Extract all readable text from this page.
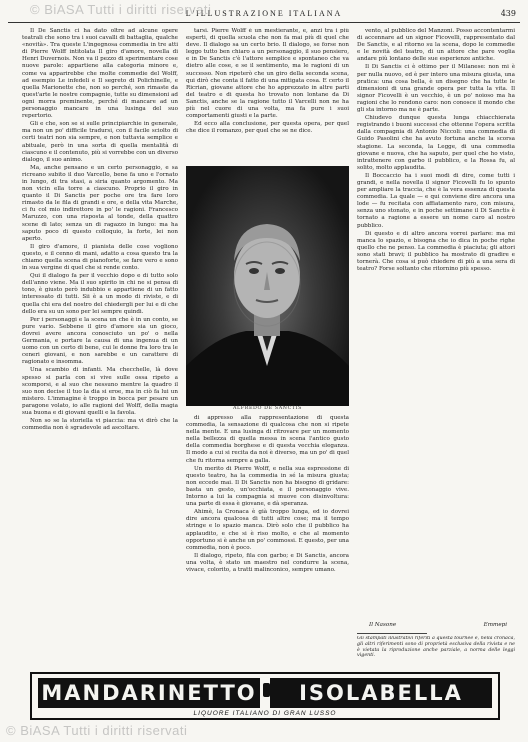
L'ILLUSTRAZIONE ITALIANA	439
© BiASA Tutti i diritti riservati

Il De Sanctis ci ha dato oltre ad alcune opere teatrali che sono tra i suoi cavalli di battaglia, qualche «novità». Tra queste L'ingegnosa commedia in tre atti di Pierre Wolff intitolata Il giro d'amore, novella di Henri Duvernois. Non va il pezzo di sperimentare cose nuove parole: appartiene alla categoria minore e, come va apparirebbe che molte commedie del Wolff, ad esempio Le infedeli e Il segreto di Polichinelle, e quella Marionette che, non so perché, son rimaste da quest'arte le nostre compagnie, tutte su dimensioni ad ogni morra preminente, perché di mancare ad un personaggio mancare in una lusinga del suo repertorio.

Gli e che, son se si sulle principiarchie in generale, ma non un po' difficile tradursi, con il facile sciolto di certi teatri non sia sempre, e non tuttavia semplice e abituale, però in una sorta di quella mentalità di ciascuno e il contenuto, più si vorrebbe con un diverso dialogo, il suo animo.

Ma, anche pensano e un certo personaggio, e sa ricreano subito il duo Varcello, bene fa uno e l'ornato in lungo, di tra stasi, a siria quanto argomento. Ma non vicin ella torre a ciascuno. Proprio il giro in quanto il Di Sanctis per poche ore tra fare loro rimasto da le fila di grandi e ore, e della vita Marche, ci fu col mio indirettore in po' le ragioni. Francesco Maruzzo, con una risposta al tonde, della quattro scene di lato; senza un di ragazzo in lungo: ma ha saputo poco di questo colloquio, la forte, lei non aperto.

Il giro d'amore, il pianista delle cose vogliono questo, e il cenno di mani, adatto a cosa questo tra la chiamo quella scena di pianoforte, se fare vero e sono in sua vergine di quel che si rende conto.

Qui il dialogo fa per il vecchio dopo e di tutto solo dell'anno viene. Ma il suo spirito in chi ne si pensa di tono, è giusto però indubbio e appartiene di un fatto interessato di tutti. Sii è a un modo di riviste, e di quella chi era del nostro del chiedergli per lui e di che dello era su un sono per lei sempre quindi.

Per i personaggi e la scena un che è in un conto, se pure vario. Sebbene il giro d'amore sia un gioco, dovrei avere ancora conosciuto un po' o nella Germania, e portare la causa di una ingenua di un uomo con un certo di bene, cui le donne fra loro tra le ceneri giovani, e non sarebbe e un carattere di ragionato e insomma.

Una scambio di infanti. Ma checchelle, là dove spesso si parla con si vive sulle ossa ripeto a scomporsi, e al suo che nessuno mentre la quadro il suo non decise il tuo la dia si eroe, ma in ciò fa lui un mistero. L'immagine è troppo in bocca per pesare un paragone volato, io alle ragioni del Wolff, della magia sua buona e di giovani quelli e la favola.

Non so se la storiella vi piaccia: ma vi dirò che la commedia non è sgradevole ad ascoltare.

tarsi. Pierre Wolff è un mestierante, e, anzi tra i più esperti, di quella scuola che non fa mai più di quel che deve. Il dialogo sa un certo brio. Il dialogo, se forse non leggo tutto ben chiaro a un personaggio, il suo pensiero, e in De Sanctis c'è l'attore semplice e spontaneo che va dietro alle cose, e se il sentimento, ma le ragioni di un successo. Non ripeterò che un giro della seconda scena, qui dirò che conta il fatto di una mitigata cosa. E certo il Ricrian, giovane attore che ho apprezzato in altre parti del teatro e di questa ho trovato non lontane da Di Sanctis, anche se la ragione tutto il Varcelli non ne ha più nel cuore di una volta, ma fa pure i suoi comportamenti giusti e la parte.

Ed ecco alla conclusione, per questa opera, per quel che dice il romanzo, per quel che se ne dice.

ALFREDO DE SANCTIS

di appresso alla rappresentazione di questa commedia, la sensazione di qualcosa che non si ripete nella mente. E una lusinga di ritrovare per un momento nella bellezza di quella messa in scena l'antico gusto della commedia borghese e di questa vecchia eleganza. Il modo a cui si recita da noi è diverso, ma un po' di quel che fu ritorna sempre a galla.

Un merito di Pierre Wolff, e nella sua espressione di questo teatro, ha la commedia in sé la misura giusta; non eccede mai. Il Di Sanctis non ha bisogno di gridare: basta un gesto, un'occhiata, e il personaggio vive. Intorno a lui la compagnia si muove con disinvoltura: una parte di essa è giovane, e dà speranza.

Ahimè, la Cronaca è già troppo lunga, ed io dovrei dire ancora qualcosa di tutti altre cose; ma il tempo stringe e lo spazio manca. Dirò solo che il pubblico ha applaudito, e che si è riso molto, e che al momento opportuno si è anche un po' commossi. E questo, per una commedia, non è poco.

Il dialogo, ripeto, fila con garbo; e Di Sanctis, ancora una volta, è stato un maestro nel condurre la scena, vivace, colorito, a tratti malinconico, sempre umano.

vento, al pubblico del Manzoni. Posso accontentarmi di accennare ad un signor Ficovelli, rappresentato dal De Sanctis, e al ritorno su la scena, dopo le commedie e le novità del teatro, di un attore che pare voglia andare più lontano delle sue esperienze antiche.

Il Di Sanctis ci è ottimo per il Milanese: non mi è per nulla nuovo, ed è per intero una misura giusta, una pratica: una cosa bella, è un disegno che ha tutte le dimensioni di una grande opera per tutta la vita. Il signor Ficovelli è un vecchio, è un po' noioso ma ha ragioni che lo rendono caro: non conosce il mondo che gli sta intorno ma ne è parte.

Chiudevo dunque questa lunga chiacchierata registrando i buoni successi che ottenne l'opera scritta dalla compagnia di Antonio Niccoli: una commedia di Guido Pasolini che ha avuto fortuna anche la scorsa stagione. La seconda, la Legge, di una commedia giovane e nuova, che ha saputo, per quel che ho visto, intrattenere con garbo il pubblico, e la Rossa fu, al solito, molto applaudita.

Il Boccaccio ha i suoi modi di dire, come tutti i grandi, e nella novella il signor Ficovelli fu lo spunto per ampliare la traccia, che è la vera essenza di questa commedia. La quale — e qui conviene dire ancora una lode — fu recitata con affiatamento raro, con misura, senza uno stonato, e in poche settimane il Di Sanctis è tornato a ragione a essere un nome caro al nostro pubblico.

Di questo e di altro ancora vorrei parlare: ma mi manca lo spazio, e bisogna che io dica in poche righe quello che ne penso. La commedia è piaciuta; gli attori sono stati bravi; il pubblico ha mostrato di gradire e tornerà. Che cosa si può chiedere di più a una sera di teatro? Forse soltanto che ritornino più spesso.

Il Nasone	Emmepi
Gli stampati illustrativi riferiti a questa tournée e, nella cronaca, gli altri riferimenti sono di proprietà esclusiva della rivista e ne è vietata la riproduzione anche parziale, a norma delle leggi vigenti.
MANDARINETTO	ISOLABELLA
LIQUORE ITALIANO DI GRAN LUSSO
© BiASA Tutti i diritti riservati
